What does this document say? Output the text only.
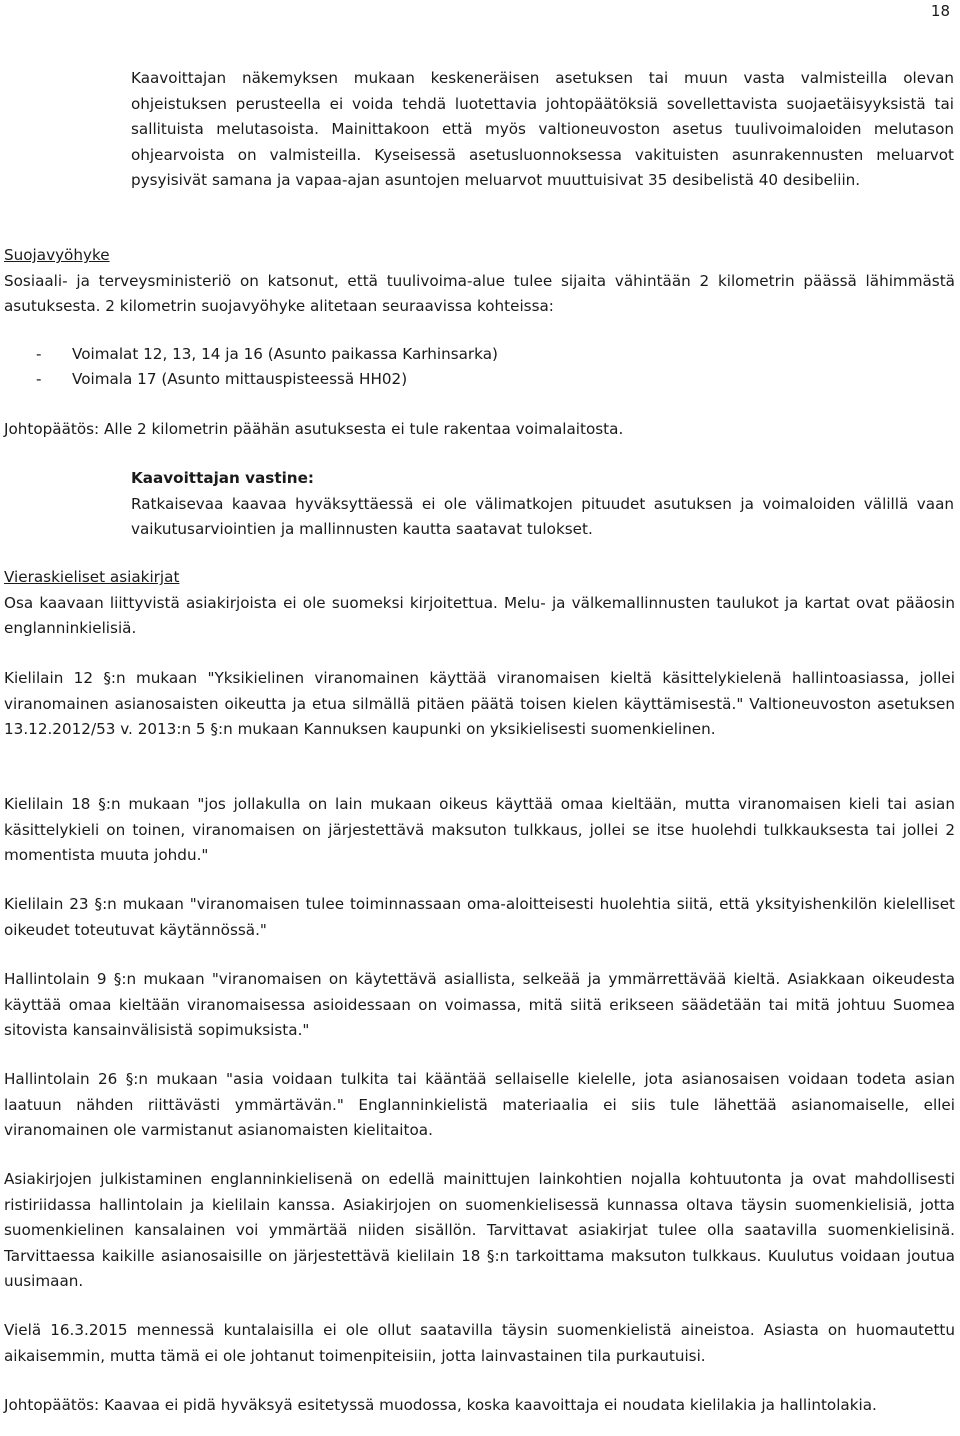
18

Kaavoittajan näkemyksen mukaan keskeneräisen asetuksen tai muun vasta valmisteilla olevan ohjeistuksen perusteella ei voida tehdä luotettavia johtopäätöksiä sovellettavista suojaetäisyyksistä tai sallituista melutasoista. Mainittakoon että myös valtioneuvoston asetus tuulivoimaloiden melutason ohjearvoista on valmisteilla. Kyseisessä asetusluonnoksessa vakituisten asunrakennusten meluarvot pysyisivät samana ja vapaa-ajan asuntojen meluarvot muuttuisivat 35 desibelistä 40 desibeliin.

Suojavyöhyke
Sosiaali- ja terveysministeriö on katsonut, että tuulivoima-alue tulee sijaita vähintään 2 kilometrin päässä lähimmästä asutuksesta. 2 kilometrin suojavyöhyke alitetaan seuraavissa kohteissa:

- Voimalat 12, 13, 14 ja 16 (Asunto paikassa Karhinsarka)

- Voimala 17 (Asunto mittauspisteessä HH02)

Johtopäätös: Alle 2 kilometrin päähän asutuksesta ei tule rakentaa voimalaitosta.

Kaavoittajan vastine:
Ratkaisevaa kaavaa hyväksyttäessä ei ole välimatkojen pituudet asutuksen ja voimaloiden välillä vaan vaikutusarviointien ja mallinnusten kautta saatavat tulokset.
Vieraskieliset asiakirjat
Osa kaavaan liittyvistä asiakirjoista ei ole suomeksi kirjoitettua. Melu- ja välkemallinnusten taulukot ja kartat ovat pääosin englanninkielisiä.

Kielilain 12 §:n mukaan "Yksikielinen viranomainen käyttää viranomaisen kieltä käsittelykielenä hallintoasiassa, jollei viranomainen asianosaisten oikeutta ja etua silmällä pitäen päätä toisen kielen käyttämisestä." Valtioneuvoston asetuksen 13.12.2012/53 v. 2013:n 5 §:n mukaan Kannuksen kaupunki on yksikielisesti suomenkielinen.

Kielilain 18 §:n mukaan "jos jollakulla on lain mukaan oikeus käyttää omaa kieltään, mutta viranomaisen kieli tai asian käsittelykieli on toinen, viranomaisen on järjestettävä maksuton tulkkaus, jollei se itse huolehdi tulkkauksesta tai jollei 2 momentista muuta johdu."

Kielilain 23 §:n mukaan "viranomaisen tulee toiminnassaan oma-aloitteisesti huolehtia siitä, että yksityishenkilön kielelliset oikeudet toteutuvat käytännössä."

Hallintolain 9 §:n mukaan "viranomaisen on käytettävä asiallista, selkeää ja ymmärrettävää kieltä. Asiakkaan oikeudesta käyttää omaa kieltään viranomaisessa asioidessaan on voimassa, mitä siitä erikseen säädetään tai mitä johtuu Suomea sitovista kansainvälisistä sopimuksista."

Hallintolain 26 §:n mukaan "asia voidaan tulkita tai kääntää sellaiselle kielelle, jota asianosaisen voidaan todeta asian laatuun nähden riittävästi ymmärtävän." Englanninkielistä materiaalia ei siis tule lähettää asianomaiselle, ellei viranomainen ole varmistanut asianomaisten kielitaitoa.

Asiakirjojen julkistaminen englanninkielisenä on edellä mainittujen lainkohtien nojalla kohtuutonta ja ovat mahdollisesti ristiriidassa hallintolain ja kielilain kanssa. Asiakirjojen on suomenkielisessä kunnassa oltava täysin suomenkielisiä, jotta suomenkielinen kansalainen voi ymmärtää niiden sisällön. Tarvittavat asiakirjat tulee olla saatavilla suomenkielisinä. Tarvittaessa kaikille asianosaisille on järjestettävä kielilain 18 §:n tarkoittama maksuton tulkkaus. Kuulutus voidaan joutua uusimaan.

Vielä 16.3.2015 mennessä kuntalaisilla ei ole ollut saatavilla täysin suomenkielistä aineistoa. Asiasta on huomautettu aikaisemmin, mutta tämä ei ole johtanut toimenpiteisiin, jotta lainvastainen tila purkautuisi.

Johtopäätös: Kaavaa ei pidä hyväksyä esitetyssä muodossa, koska kaavoittaja ei noudata kielilakia ja hallintolakia.
